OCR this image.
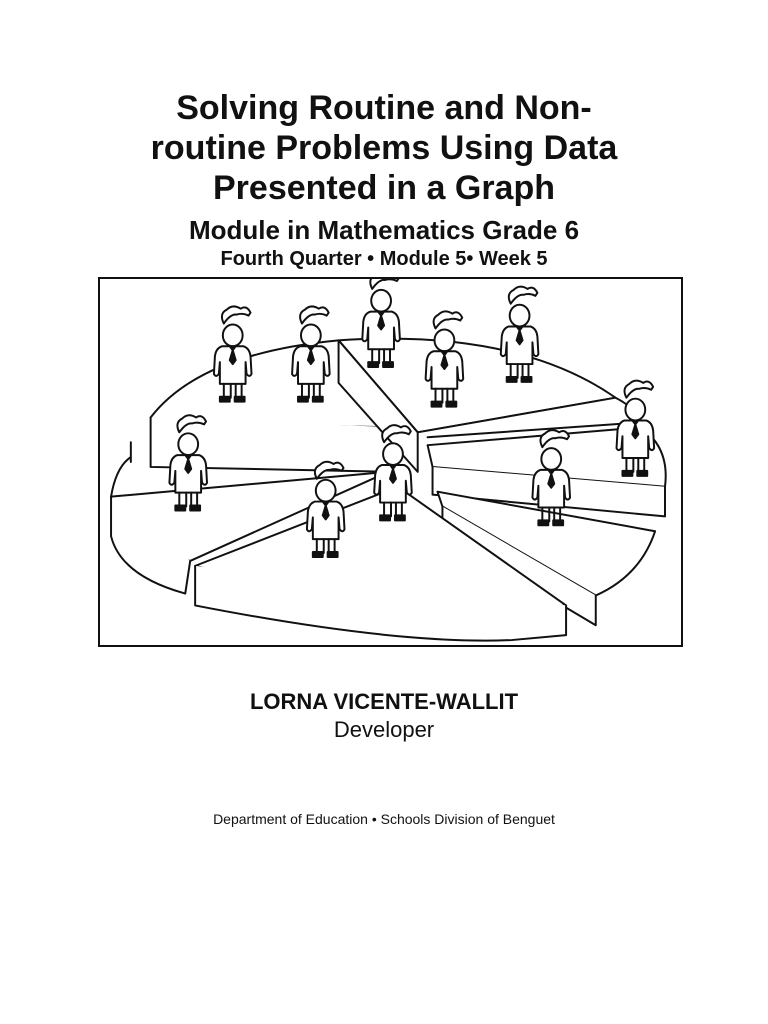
Solving Routine and Non-
routine Problems Using Data
Presented in a Graph
Module in Mathematics Grade 6
Fourth Quarter • Module 5• Week 5
LORNA VICENTE-WALLIT
Developer
Department of Education • Schools Division of Benguet
